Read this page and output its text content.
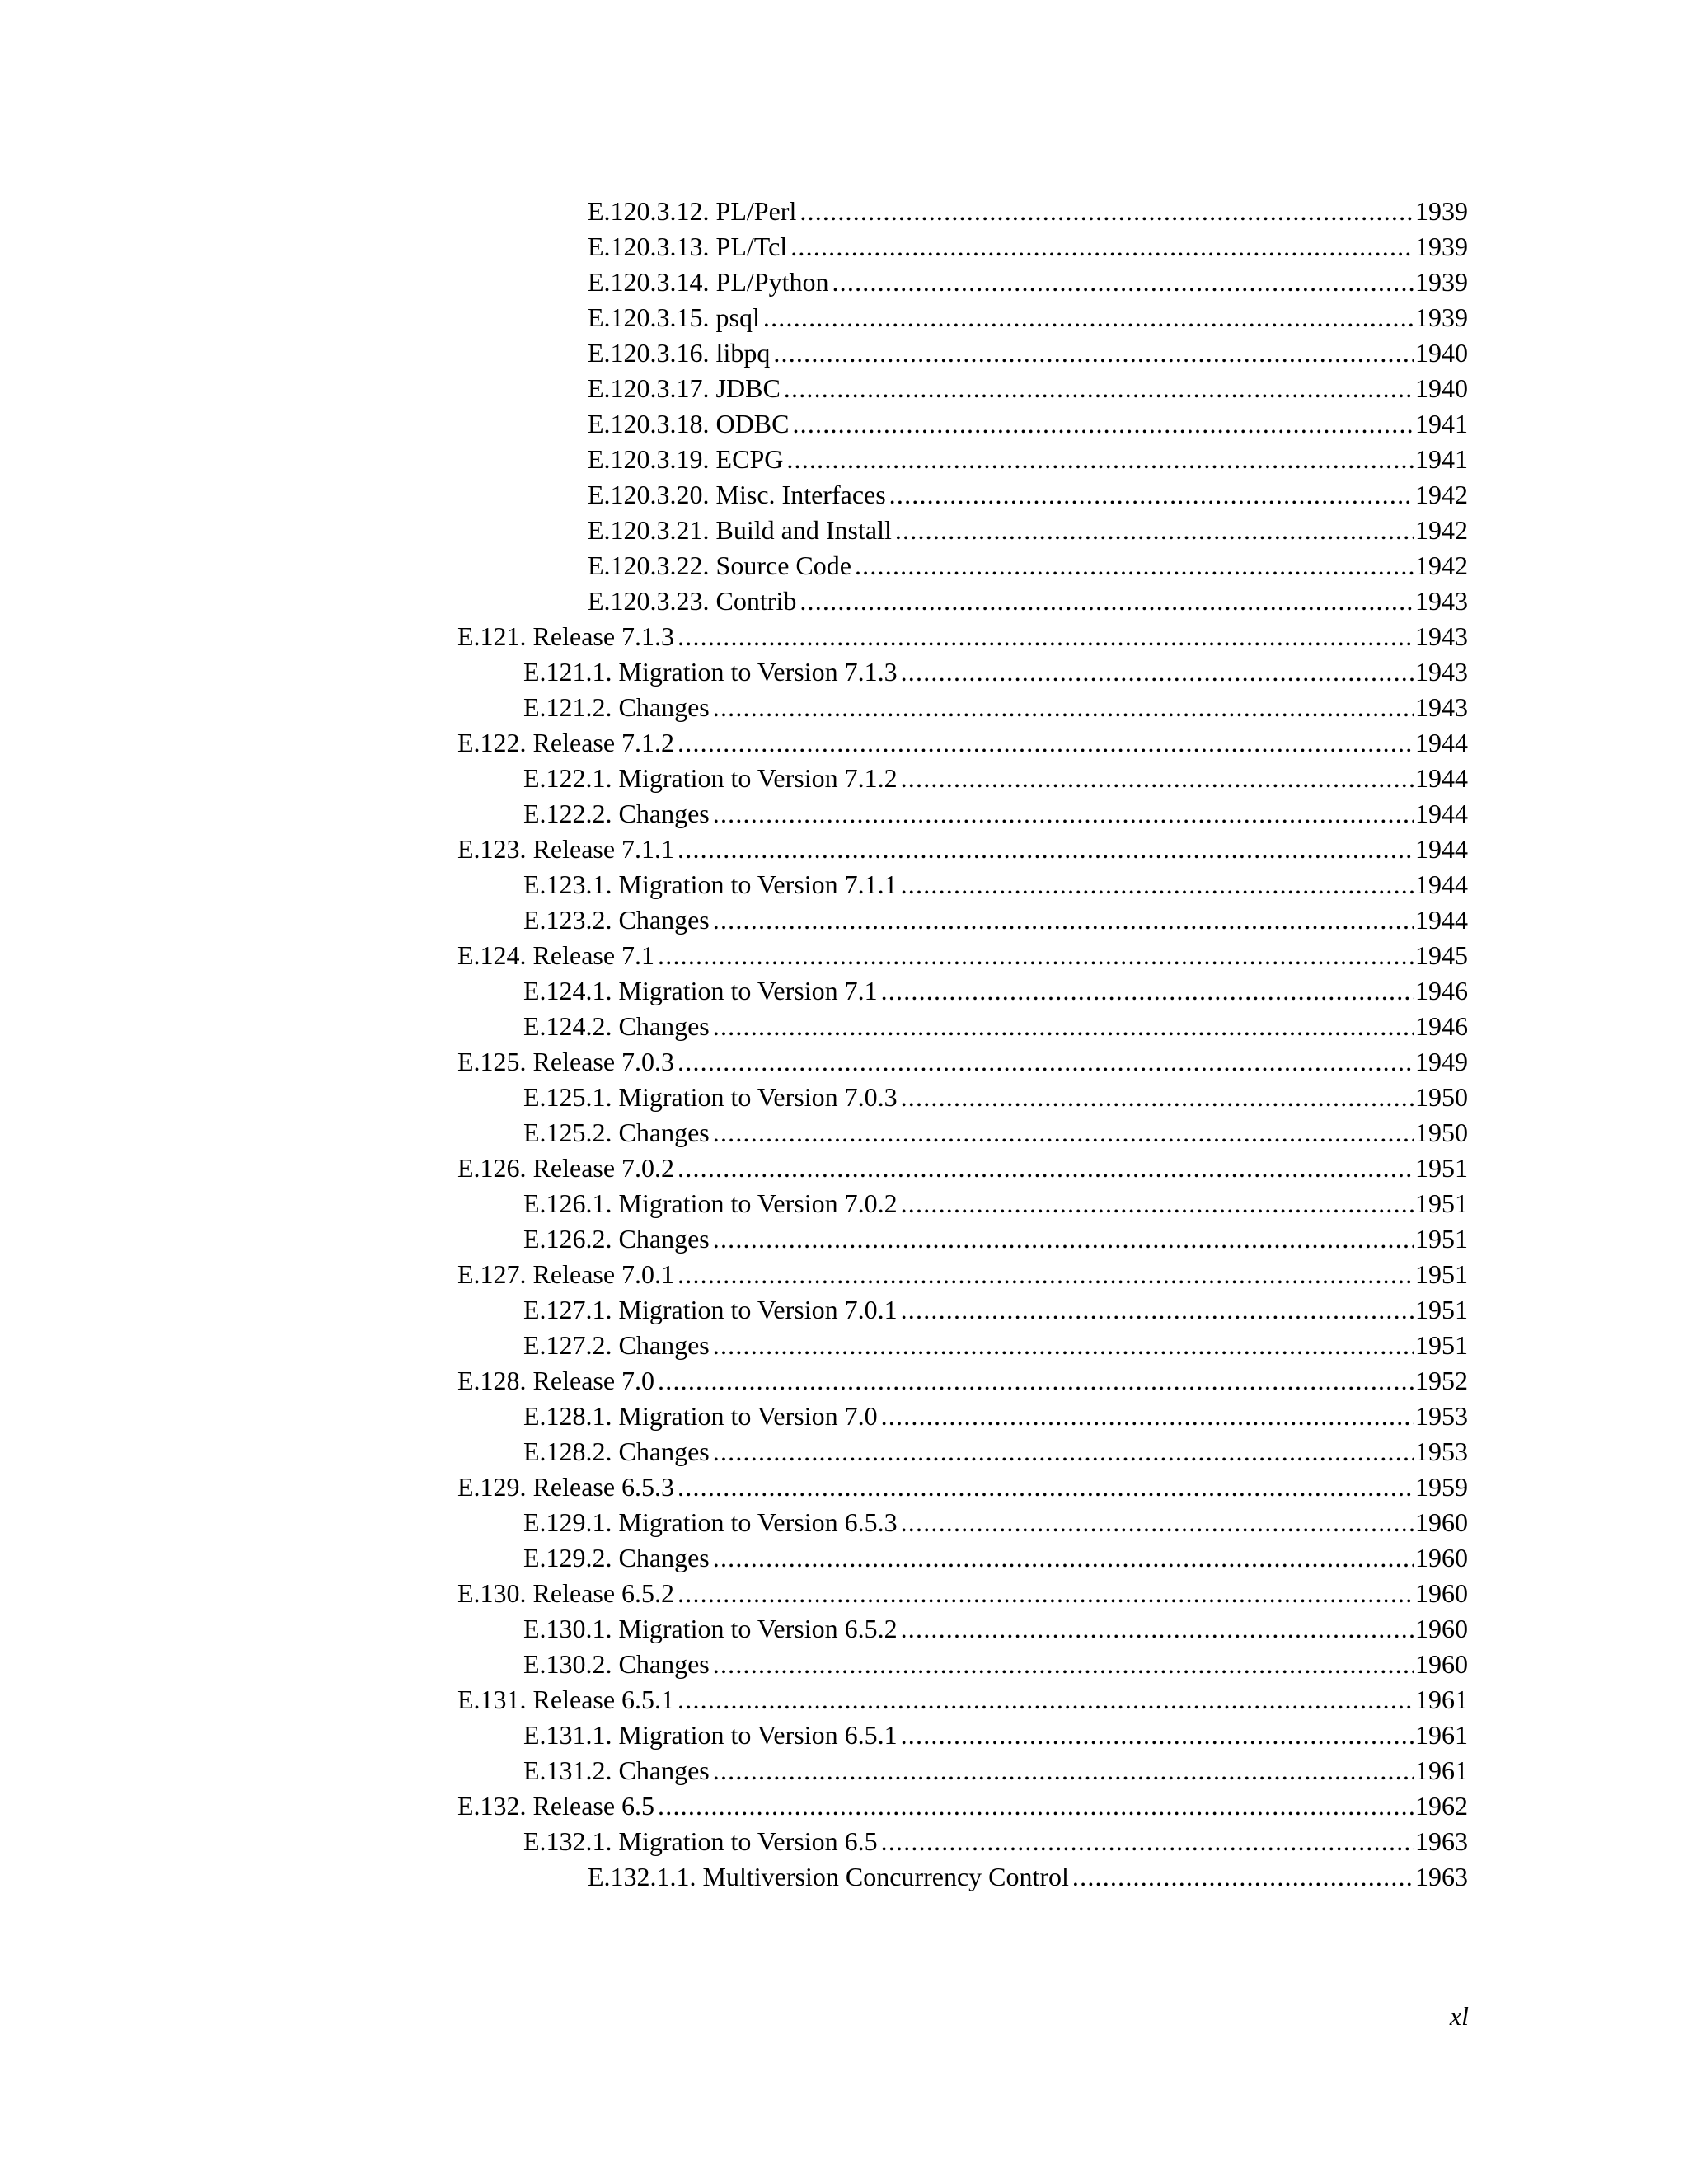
E.120.3.12. PL/Perl .....	1939
E.120.3.13. PL/Tcl .....	1939
E.120.3.14. PL/Python .....	1939
E.120.3.15. psql .....	1939
E.120.3.16. libpq .....	1940
E.120.3.17. JDBC .....	1940
E.120.3.18. ODBC .....	1941
E.120.3.19. ECPG .....	1941
E.120.3.20. Misc. Interfaces .....	1942
E.120.3.21. Build and Install .....	1942
E.120.3.22. Source Code .....	1942
E.120.3.23. Contrib .....	1943
E.121. Release 7.1.3 .....	1943
E.121.1. Migration to Version 7.1.3 .....	1943
E.121.2. Changes .....	1943
E.122. Release 7.1.2 .....	1944
E.122.1. Migration to Version 7.1.2 .....	1944
E.122.2. Changes .....	1944
E.123. Release 7.1.1 .....	1944
E.123.1. Migration to Version 7.1.1 .....	1944
E.123.2. Changes .....	1944
E.124. Release 7.1 .....	1945
E.124.1. Migration to Version 7.1 .....	1946
E.124.2. Changes .....	1946
E.125. Release 7.0.3 .....	1949
E.125.1. Migration to Version 7.0.3 .....	1950
E.125.2. Changes .....	1950
E.126. Release 7.0.2 .....	1951
E.126.1. Migration to Version 7.0.2 .....	1951
E.126.2. Changes .....	1951
E.127. Release 7.0.1 .....	1951
E.127.1. Migration to Version 7.0.1 .....	1951
E.127.2. Changes .....	1951
E.128. Release 7.0 .....	1952
E.128.1. Migration to Version 7.0 .....	1953
E.128.2. Changes .....	1953
E.129. Release 6.5.3 .....	1959
E.129.1. Migration to Version 6.5.3 .....	1960
E.129.2. Changes .....	1960
E.130. Release 6.5.2 .....	1960
E.130.1. Migration to Version 6.5.2 .....	1960
E.130.2. Changes .....	1960
E.131. Release 6.5.1 .....	1961
E.131.1. Migration to Version 6.5.1 .....	1961
E.131.2. Changes .....	1961
E.132. Release 6.5 .....	1962
E.132.1. Migration to Version 6.5 .....	1963
E.132.1.1. Multiversion Concurrency Control .....	1963
xl
